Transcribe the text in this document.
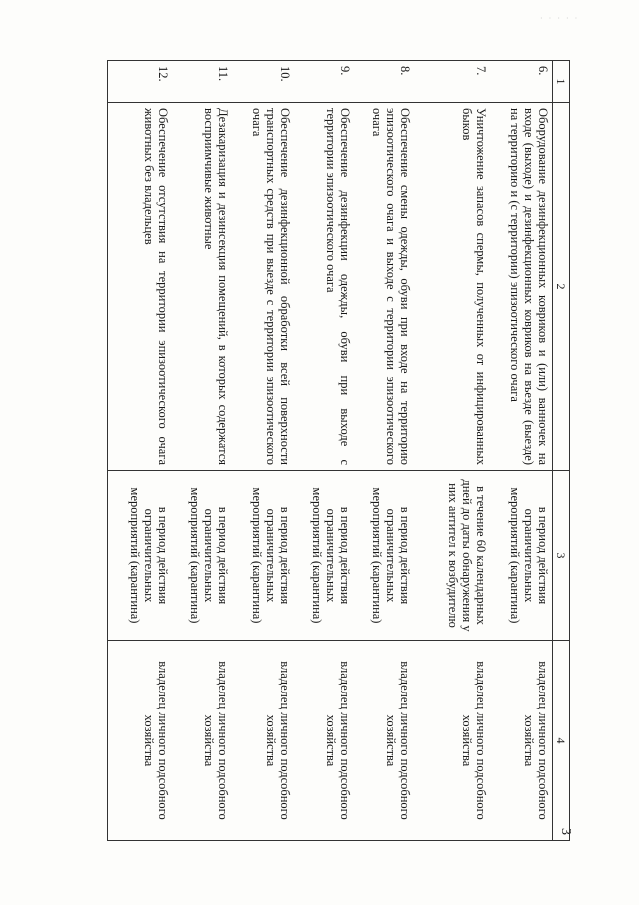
· · · · ·
3
1	2	3	4
6.	Оборудование дезинфекционных ковриков и (или) ванночек на входе (выходе) и дезинфекционных ковриков на въезде (выезде) на территорию и (с территории) эпизоотического очага	в период действия ограничительных мероприятий (карантина)	владелец личного подсобного хозяйства
7.	Уничтожение запасов спермы, полученных от инфицированных быков	в течение 60 календарных дней до даты обнаружения у них антител к возбудителю	владелец личного подсобного хозяйства
8.	Обеспечение смены одежды, обуви при входе на территорию эпизоотического очага и выходе с территории эпизоотического очага	в период действия ограничительных мероприятий (карантина)	владелец личного подсобного хозяйства
9.	Обеспечение дезинфекции одежды, обуви при выходе с территории эпизоотического очага	в период действия ограничительных мероприятий (карантина)	владелец личного подсобного хозяйства
10.	Обеспечение дезинфекционной обработки всей поверхности транспортных средств при выезде с территории эпизоотического очага	в период действия ограничительных мероприятий (карантина)	владелец личного подсобного хозяйства
11.	Дезакаризация и дезинсекция помещений, в которых содержатся восприимчивые животные	в период действия ограничительных мероприятий (карантина)	владелец личного подсобного хозяйства
12.	Обеспечение отсутствия на территории эпизоотического очага животных без владельцев	в период действия ограничительных мероприятий (карантина)	владелец личного подсобного хозяйства
